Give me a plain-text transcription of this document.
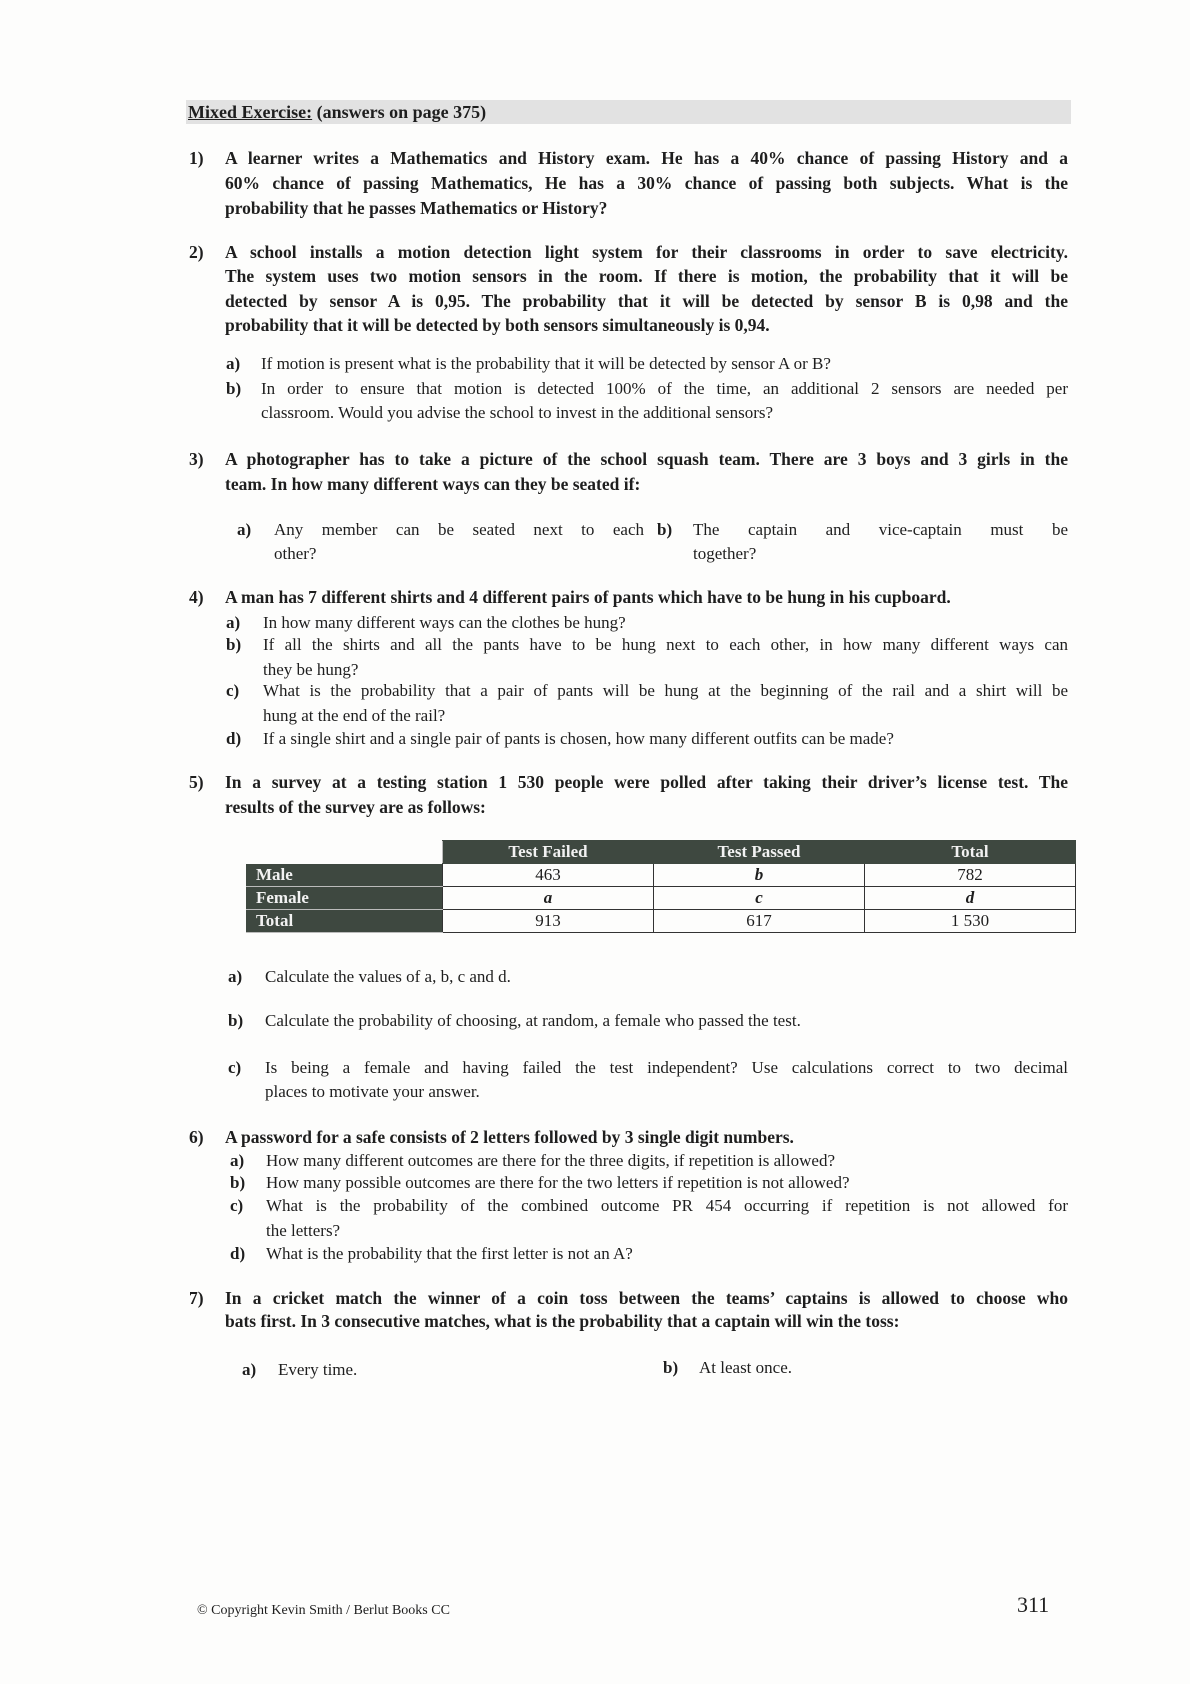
Mixed Exercise: (answers on page 375)
1) A learner writes a Mathematics and History exam. He has a 40% chance of passing History and a
60% chance of passing Mathematics, He has a 30% chance of passing both subjects. What is the
probability that he passes Mathematics or History?
2) A school installs a motion detection light system for their classrooms in order to save electricity.
The system uses two motion sensors in the room. If there is motion, the probability that it will be
detected by sensor A is 0,95. The probability that it will be detected by sensor B is 0,98 and the
probability that it will be detected by both sensors simultaneously is 0,94.
3) A photographer has to take a picture of the school squash team. There are 3 boys and 3 girls in the
team. In how many different ways can they be seated if:
4) A man has 7 different shirts and 4 different pairs of pants which have to be hung in his cupboard.
5) In a survey at a testing station 1 530 people were polled after taking their driver’s license test. The
results of the survey are as follows:
6) A password for a safe consists of 2 letters followed by 3 single digit numbers.
7) In a cricket match the winner of a coin toss between the teams’ captains is allowed to choose who
bats first. In 3 consecutive matches, what is the probability that a captain will win the toss:
a) If motion is present what is the probability that it will be detected by sensor A or B?
b) In order to ensure that motion is detected 100% of the time, an additional 2 sensors are needed per
classroom. Would you advise the school to invest in the additional sensors?
a) In how many different ways can the clothes be hung?
b) If all the shirts and all the pants have to be hung next to each other, in how many different ways can
they be hung?
c) What is the probability that a pair of pants will be hung at the beginning of the rail and a shirt will be
hung at the end of the rail?
d) If a single shirt and a single pair of pants is chosen, how many different outfits can be made?
a) Calculate the values of a, b, c and d.
b) Calculate the probability of choosing, at random, a female who passed the test.
c) Is being a female and having failed the test independent? Use calculations correct to two decimal
places to motivate your answer.
a) How many different outcomes are there for the three digits, if repetition is allowed?
b) How many possible outcomes are there for the two letters if repetition is not allowed?
c) What is the probability of the combined outcome PR 454 occurring if repetition is not allowed for
the letters?
d) What is the probability that the first letter is not an A?
a) Any member can be seated next to each
other?
b) The captain and vice-captain must be
together?
a) Every time.	b) At least once.
	Test Failed	Test Passed	Total
Male	463	b	782
Female	a	c	d
Total	913	617	1 530
© Copyright Kevin Smith / Berlut Books CC	311
